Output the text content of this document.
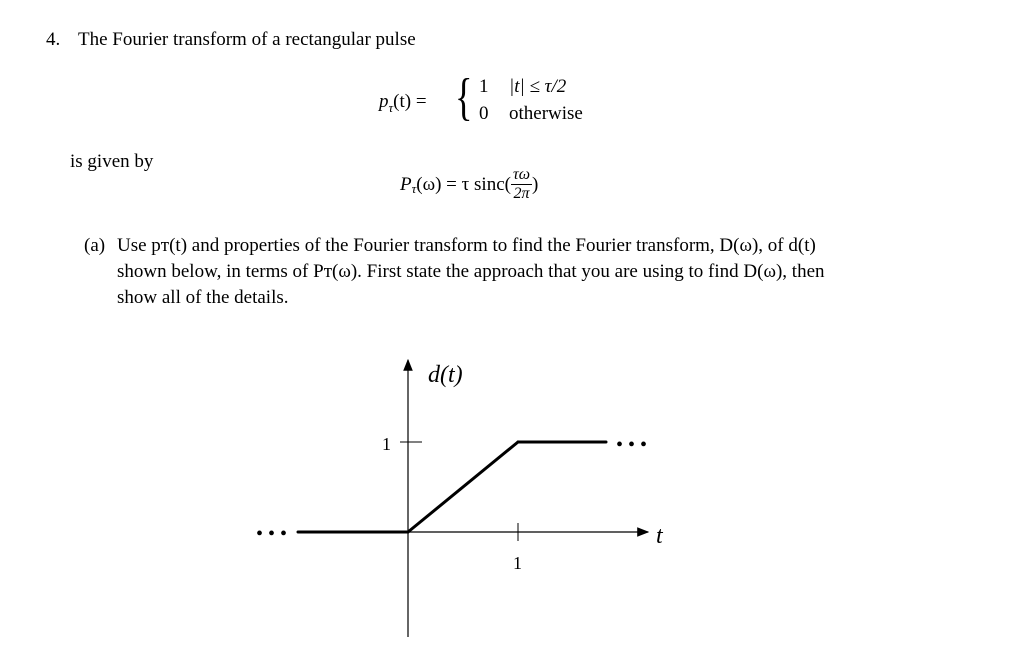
4. The Fourier transform of a rectangular pulse
$p_\tau(t)$ = { 1 |t| ≤ τ/2
0 otherwise
is given by
$P_\tau$ (ω) = τ $\sin c( \frac{\tau\omega}{2\pi}$ )
(a) Use pᴛ(t) and properties of the Fourier transform to find the Fourier transform, D(ω), of d(t)
shown below, in terms of Pᴛ(ω). First state the approach that you are using to find D(ω), then
show all of the details.
1
1
d(t)
t
• • •
• • •
